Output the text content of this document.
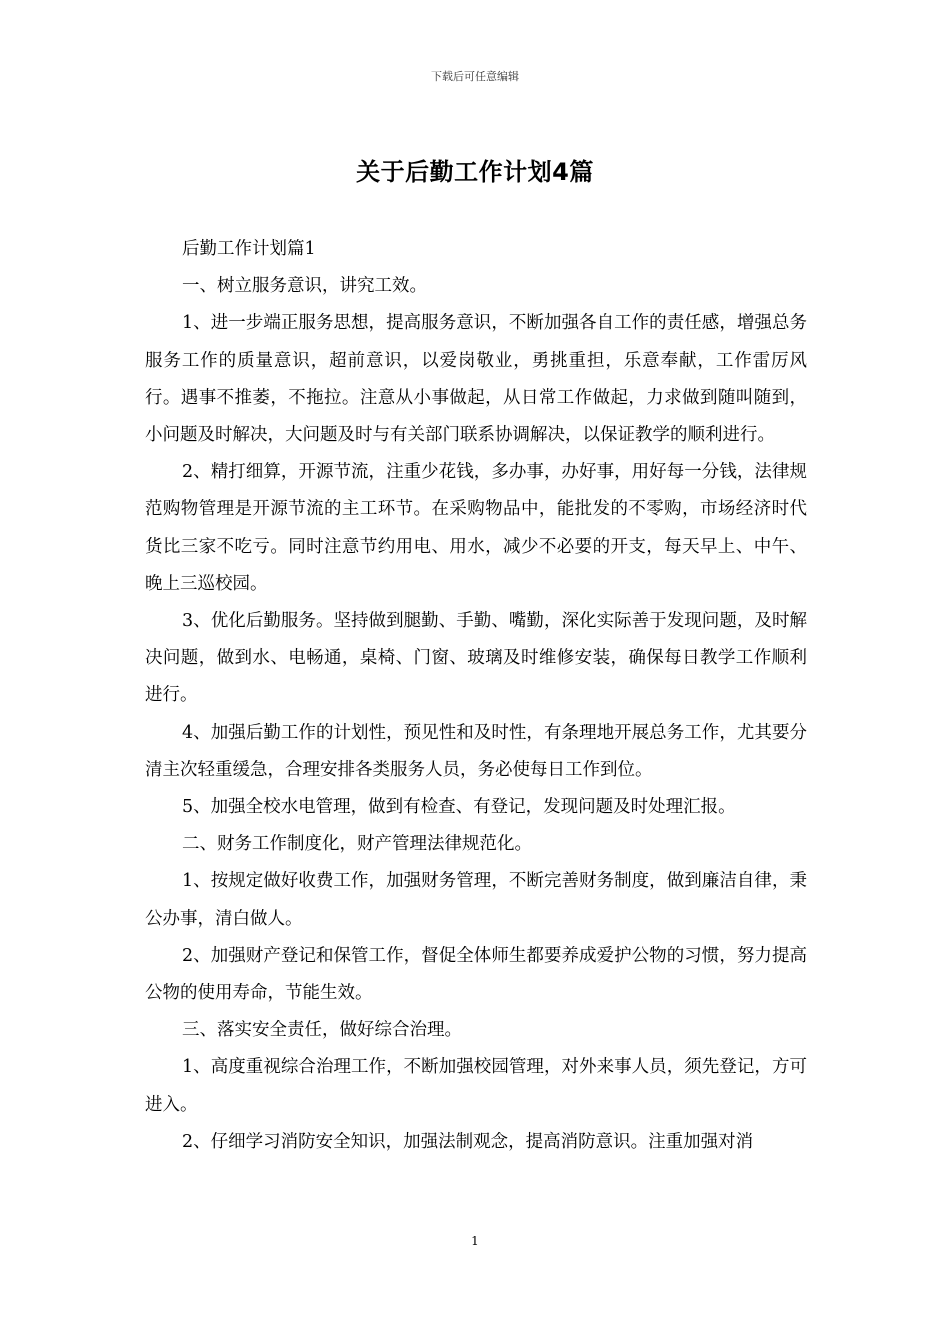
下载后可任意编辑
关于后勤工作计划4篇

后勤工作计划篇1

一、树立服务意识，讲究工效。

1、进一步端正服务思想，提高服务意识，不断加强各自工作的责任感，增强总务服务工作的质量意识，超前意识，以爱岗敬业，勇挑重担，乐意奉献，工作雷厉风行。遇事不推萎，不拖拉。注意从小事做起，从日常工作做起，力求做到随叫随到，小问题及时解决，大问题及时与有关部门联系协调解决，以保证教学的顺利进行。

2、精打细算，开源节流，注重少花钱，多办事，办好事，用好每一分钱，法律规范购物管理是开源节流的主工环节。在采购物品中，能批发的不零购，市场经济时代货比三家不吃亏。同时注意节约用电、用水，减少不必要的开支，每天早上、中午、晚上三巡校园。

3、优化后勤服务。坚持做到腿勤、手勤、嘴勤，深化实际善于发现问题，及时解决问题，做到水、电畅通，桌椅、门窗、玻璃及时维修安装，确保每日教学工作顺利进行。

4、加强后勤工作的计划性，预见性和及时性，有条理地开展总务工作，尤其要分清主次轻重缓急，合理安排各类服务人员，务必使每日工作到位。

5、加强全校水电管理，做到有检查、有登记，发现问题及时处理汇报。

二、财务工作制度化，财产管理法律规范化。

1、按规定做好收费工作，加强财务管理，不断完善财务制度，做到廉洁自律，秉公办事，清白做人。

2、加强财产登记和保管工作，督促全体师生都要养成爱护公物的习惯，努力提高公物的使用寿命，节能生效。

三、落实安全责任，做好综合治理。

1、高度重视综合治理工作，不断加强校园管理，对外来事人员，须先登记，方可进入。

2、仔细学习消防安全知识，加强法制观念，提高消防意识。注重加强对消

1
